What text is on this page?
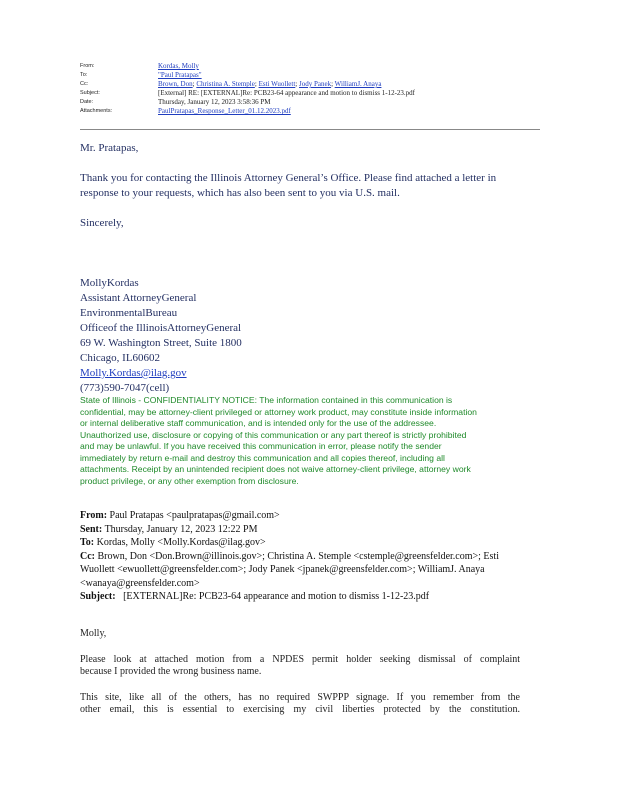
From:	Kordas, Molly
To:	"Paul Pratapas"
Cc:	Brown, Don; Christina A. Stemple; Esti Wuollett; Jody Panek; WilliamJ. Anaya
Subject:	[External] RE: [EXTERNAL]Re: PCB23-64 appearance and motion to dismiss 1-12-23.pdf
Date:	Thursday, January 12, 2023 3:58:36 PM
Attachments:	PaulPratapas_Response_Letter_01.12.2023.pdf

Mr. Pratapas,

Thank you for contacting the Illinois Attorney General’s Office. Please find attached a letter in

response to your requests, which has also been sent to you via U.S. mail.

Sincerely,

MollyKordas

Assistant AttorneyGeneral

EnvironmentalBureau

Officeof the IllinoisAttorneyGeneral

69 W. Washington Street, Suite 1800

Chicago, IL60602

Molly.Kordas@ilag.gov

(773)590-7047(cell)

State of Illinois - CONFIDENTIALITY NOTICE: The information contained in this communication is
confidential, may be attorney-client privileged or attorney work product, may constitute inside information
or internal deliberative staff communication, and is intended only for the use of the addressee.
Unauthorized use, disclosure or copying of this communication or any part thereof is strictly prohibited
and may be unlawful. If you have received this communication in error, please notify the sender
immediately by return e-mail and destroy this communication and all copies thereof, including all
attachments. Receipt by an unintended recipient does not waive attorney-client privilege, attorney work
product privilege, or any other exemption from disclosure.
From: Paul Pratapas <paulpratapas@gmail.com>
Sent: Thursday, January 12, 2023 12:22 PM
To: Kordas, Molly <Molly.Kordas@ilag.gov>
Cc: Brown, Don <Don.Brown@illinois.gov>; Christina A. Stemple <cstemple@greensfelder.com>; Esti
Wuollett <ewuollett@greensfelder.com>; Jody Panek <jpanek@greensfelder.com>; WilliamJ. Anaya
<wanaya@greensfelder.com>
Subject: [EXTERNAL]Re: PCB23-64 appearance and motion to dismiss 1-12-23.pdf

Molly,

Please look at attached motion from a NPDES permit holder seeking dismissal of complaint

because I provided the wrong business name.

This site, like all of the others, has no required SWPPP signage. If you remember from the

other email, this is essential to exercising my civil liberties protected by the constitution.
